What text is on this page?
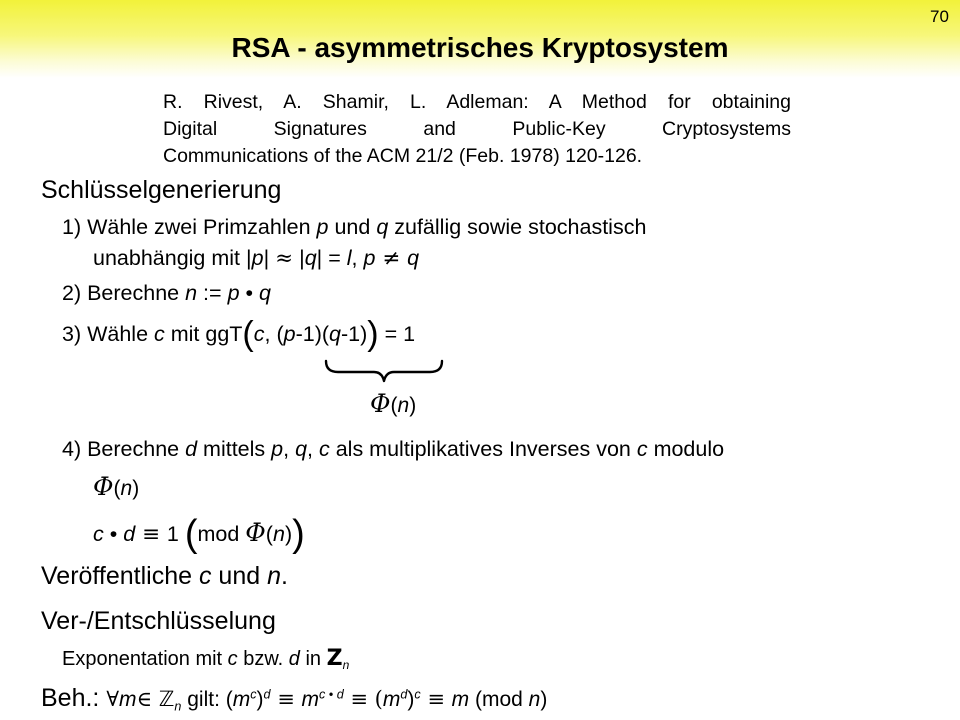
70
RSA - asymmetrisches Kryptosystem
R. Rivest, A. Shamir, L. Adleman: A Method for obtaining
Digital Signatures and Public-Key Cryptosystems
Communications of the ACM 21/2 (Feb. 1978) 120-126.
Schlüsselgenerierung
1) Wähle zwei Primzahlen p und q zufällig sowie stochastisch
unabhängig mit |p| ≈ |q| = l, p ≠ q
2) Berechne n := p • q
3) Wähle c mit ggT(c, (p-1)(q-1)) = 1
Φ(n)
4) Berechne d mittels p, q, c als multiplikatives Inverses von c modulo
Φ(n)
c • d ≡ 1 (mod Φ(n))
Veröffentliche c und n.
Ver-/Entschlüsselung
Exponentation mit c bzw. d in $Z_n$
Beh.: ∀m∈ ℤ$_n$ gilt: $(m^c)^d \equiv m^{c • d} \equiv (m^d)^c \equiv m$ (mod n)
